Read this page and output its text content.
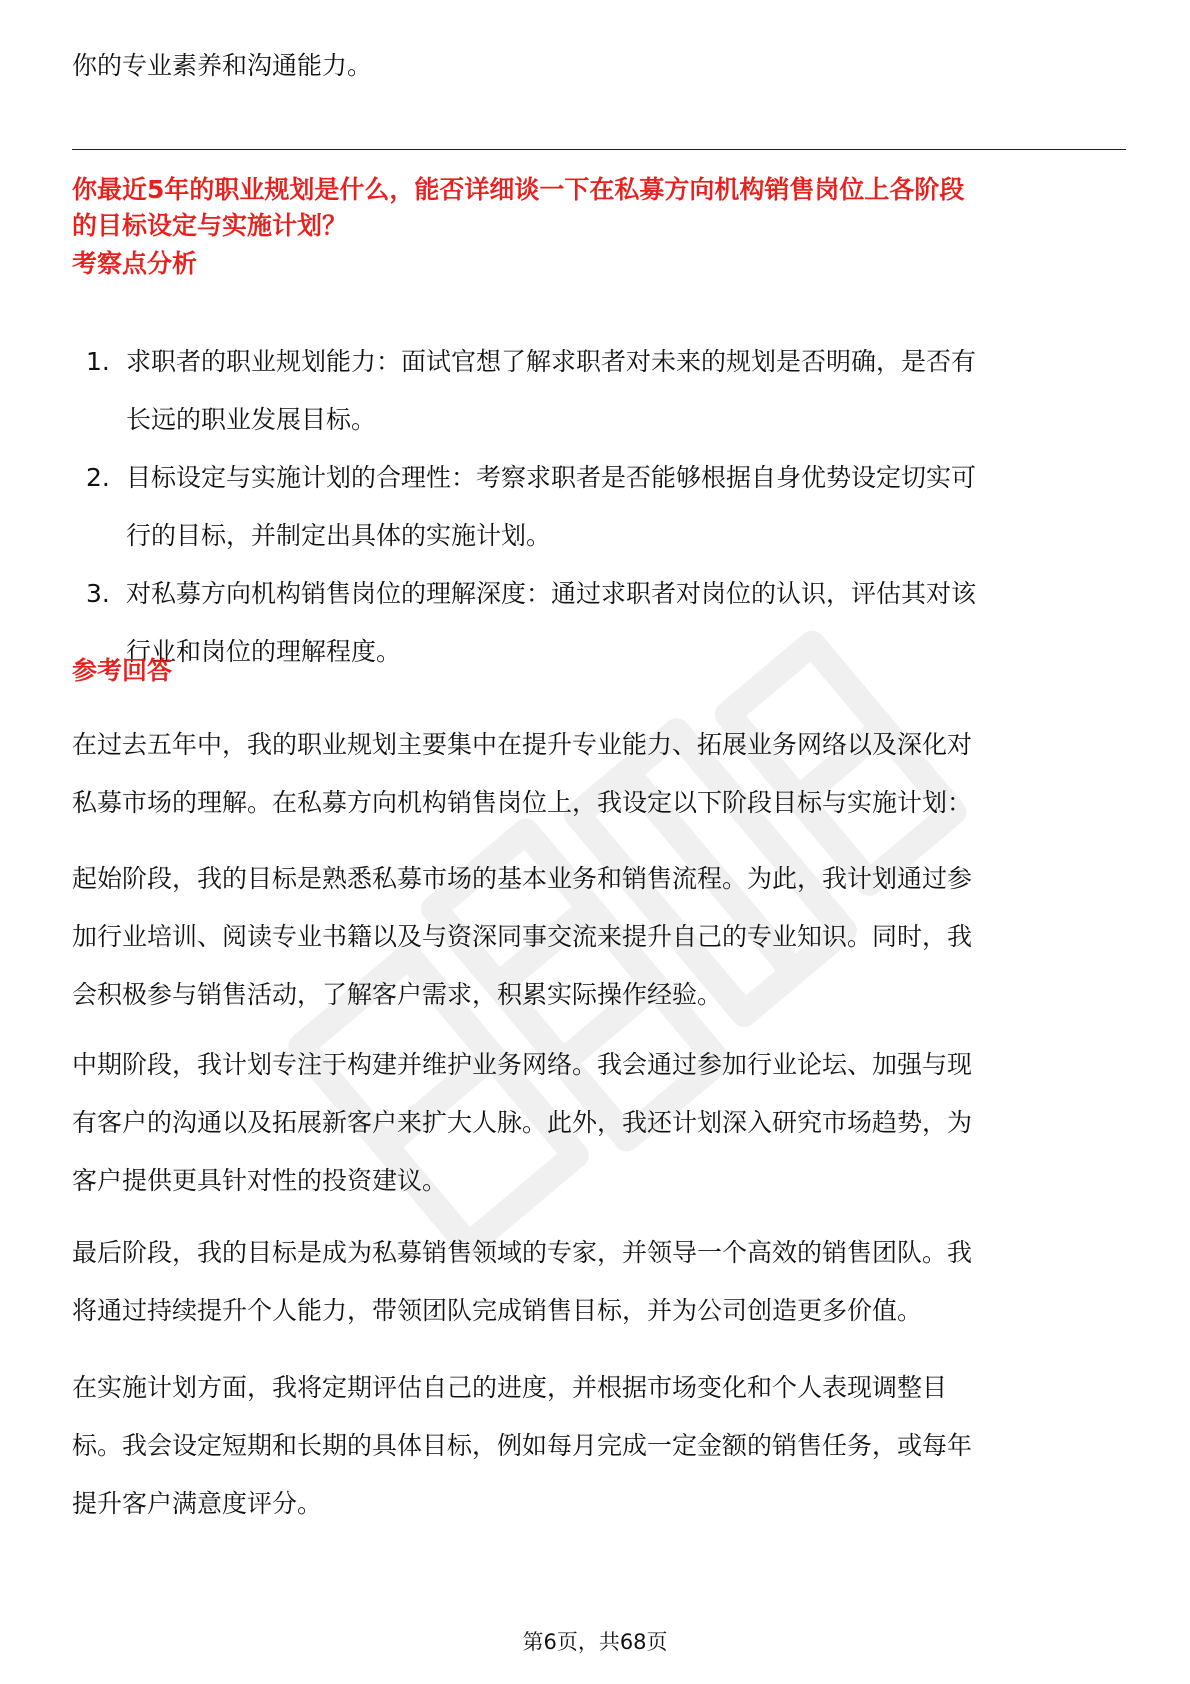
你的专业素养和沟通能力。
你最近5年的职业规划是什么，能否详细谈一下在私募方向机构销售岗位上各阶段
的目标设定与实施计划？
考察点分析
1. 求职者的职业规划能力：面试官想了解求职者对未来的规划是否明确，是否有
长远的职业发展目标。
2. 目标设定与实施计划的合理性：考察求职者是否能够根据自身优势设定切实可
行的目标，并制定出具体的实施计划。
3. 对私募方向机构销售岗位的理解深度：通过求职者对岗位的认识，评估其对该
行业和岗位的理解程度。
参考回答
在过去五年中，我的职业规划主要集中在提升专业能力、拓展业务网络以及深化对
私募市场的理解。在私募方向机构销售岗位上，我设定以下阶段目标与实施计划：
起始阶段，我的目标是熟悉私募市场的基本业务和销售流程。为此，我计划通过参
加行业培训、阅读专业书籍以及与资深同事交流来提升自己的专业知识。同时，我
会积极参与销售活动，了解客户需求，积累实际操作经验。
中期阶段，我计划专注于构建并维护业务网络。我会通过参加行业论坛、加强与现
有客户的沟通以及拓展新客户来扩大人脉。此外，我还计划深入研究市场趋势，为
客户提供更具针对性的投资建议。
最后阶段，我的目标是成为私募销售领域的专家，并领导一个高效的销售团队。我
将通过持续提升个人能力，带领团队完成销售目标，并为公司创造更多价值。
在实施计划方面，我将定期评估自己的进度，并根据市场变化和个人表现调整目
标。我会设定短期和长期的具体目标，例如每月完成一定金额的销售任务，或每年
提升客户满意度评分。
第6页，共68页
